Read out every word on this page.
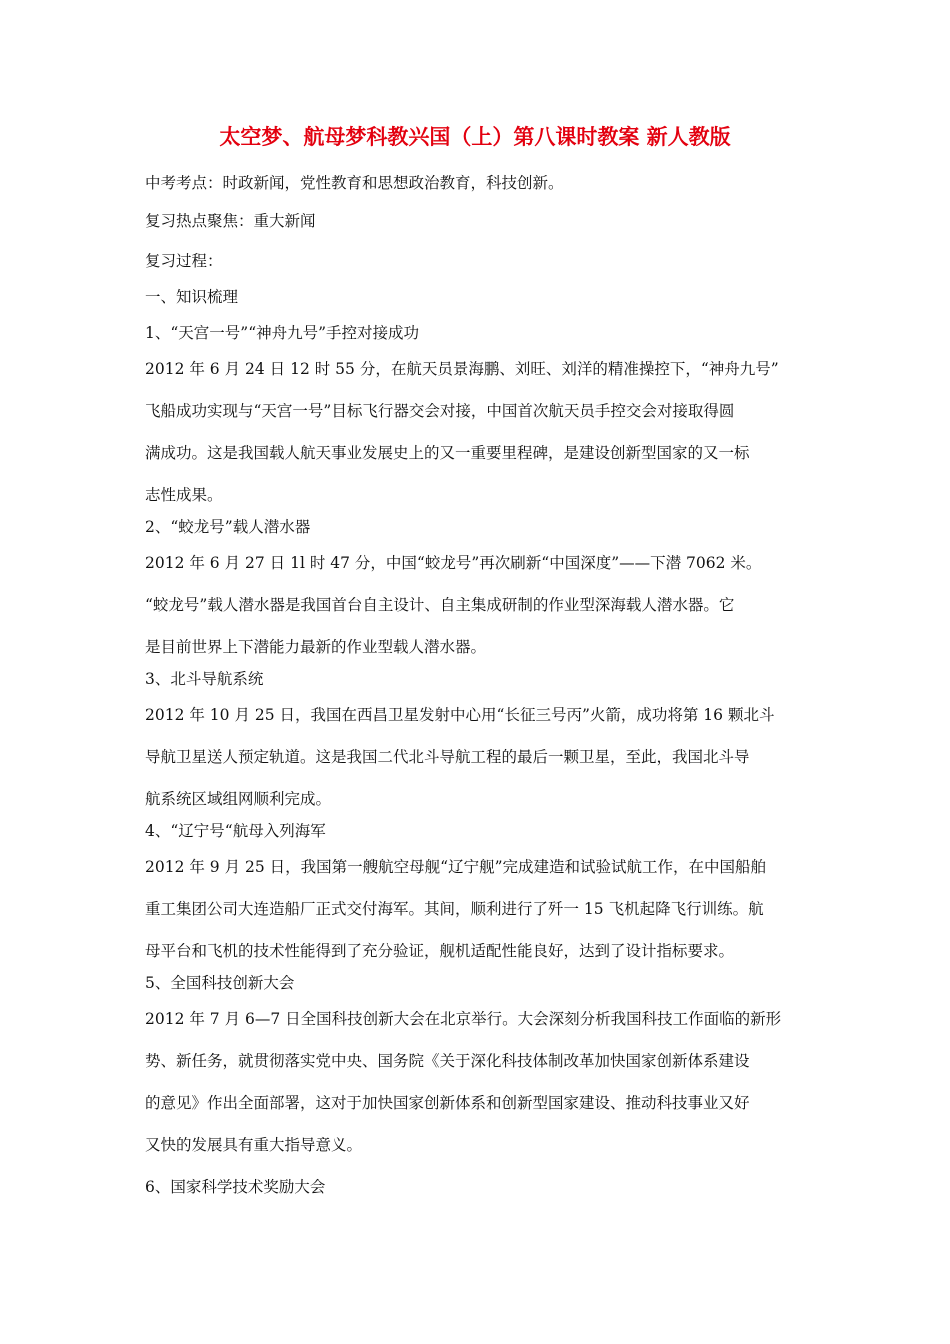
太空梦、航母梦科教兴国（上）第八课时教案 新人教版

中考考点：时政新闻，党性教育和思想政治教育，科技创新。

复习热点聚焦：重大新闻

复习过程：

一、知识梳理

1、“天宫一号”“神舟九号”手控对接成功

2012 年 6 月 24 日 12 时 55 分，在航天员景海鹏、刘旺、刘洋的精准操控下，“神舟九号”

飞船成功实现与“天宫一号”目标飞行器交会对接，中国首次航天员手控交会对接取得圆

满成功。这是我国载人航天事业发展史上的又一重要里程碑，是建设创新型国家的又一标

志性成果。

2、“蛟龙号”载人潜水器

2012 年 6 月 27 日 1l 时 47 分，中国“蛟龙号”再次刷新“中国深度”——下潜 7062 米。

“蛟龙号”载人潜水器是我国首台自主设计、自主集成研制的作业型深海载人潜水器。它

是目前世界上下潜能力最新的作业型载人潜水器。

3、北斗导航系统

2012 年 10 月 25 日，我国在西昌卫星发射中心用“长征三号丙”火箭，成功将第 16 颗北斗

导航卫星送人预定轨道。这是我国二代北斗导航工程的最后一颗卫星，至此，我国北斗导

航系统区域组网顺利完成。

4、“辽宁号“航母入列海军

2012 年 9 月 25 日，我国第一艘航空母舰“辽宁舰”完成建造和试验试航工作，在中国船舶

重工集团公司大连造船厂正式交付海军。其间，顺利进行了歼一 15 飞机起降飞行训练。航

母平台和飞机的技术性能得到了充分验证，舰机适配性能良好，达到了设计指标要求。

5、全国科技创新大会

2012 年 7 月 6—7 日全国科技创新大会在北京举行。大会深刻分析我国科技工作面临的新形

势、新任务，就贯彻落实党中央、国务院《关于深化科技体制改革加快国家创新体系建设

的意见》作出全面部署，这对于加快国家创新体系和创新型国家建设、推动科技事业又好

又快的发展具有重大指导意义。

6、国家科学技术奖励大会
